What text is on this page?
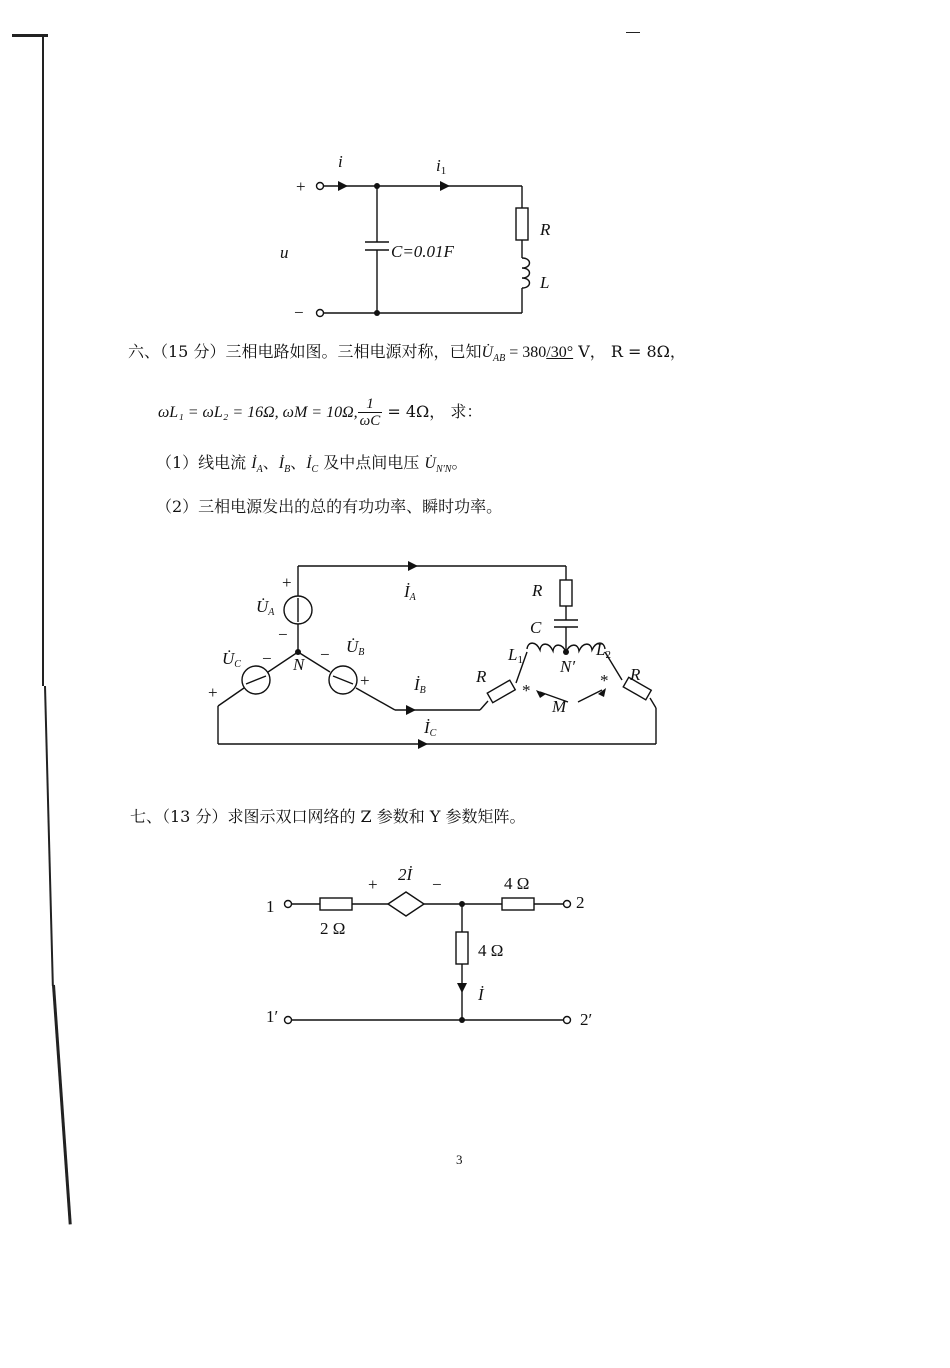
i	i1
+
−
u	C=0.01F
R
L
六、（15 分）三相电路如图。三相电源对称，已知$U̇_{AB} = 380/30^\circ$ V， R = 8Ω，
ωL₁ = ωL₂ = 16Ω, ωM = 10Ω, $\frac{1}{\omega C} = 4\Omega$， 求：
（1）线电流 $İ_A$、$İ_B$、$İ_C$ 及中点间电压 $U̇_{N'N}$。
（2）三相电源发出的总的有功功率、瞬时功率。
+
−
U̇A
U̇B
−
+
U̇C −
+
N	N′
İA
İB
İC
R
C
L1
L2
R	R
M
*
*
七、（13 分）求图示双口网络的 Z 参数和 Y 参数矩阵。
1
1′
2
2′
2 Ω
4 Ω
4 Ω
2İ
+	−
İ
3
